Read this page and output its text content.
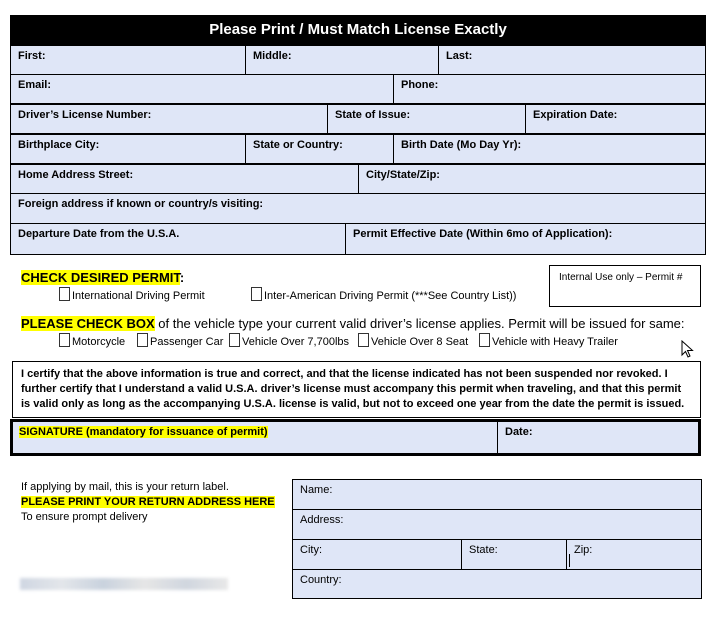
Please Print / Must Match License Exactly
First:	Middle:	Last:
Email:	Phone:
Driver’s License Number:	State of Issue:	Expiration Date:
Birthplace City:	State or Country:	Birth Date (Mo Day Yr):
Home Address Street:	City/State/Zip:
Foreign address if known or country/s visiting:
Departure Date from the U.S.A.	Permit Effective Date (Within 6mo of Application):
CHECK DESIRED PERMIT:
International Driving Permit	Inter-American Driving Permit (***See Country List))
Internal Use only – Permit #
PLEASE CHECK BOX of the vehicle type your current valid driver’s license applies. Permit will be issued for same:
Motorcycle	Passenger Car	Vehicle Over 7,700lbs	Vehicle Over 8 Seat	Vehicle with Heavy Trailer
I certify that the above information is true and correct, and that the license indicated has not been suspended nor revoked. I further certify that I understand a valid U.S.A. driver’s license must accompany this permit when traveling, and that this permit is valid only as long as the accompanying U.S.A. license is valid, but not to exceed one year from the date the permit is issued.
SIGNATURE (mandatory for issuance of permit)	Date:
If applying by mail, this is your return label.
PLEASE PRINT YOUR RETURN ADDRESS HERE
To ensure prompt delivery
Name:
Address:
City:	State:	Zip:
Country:
